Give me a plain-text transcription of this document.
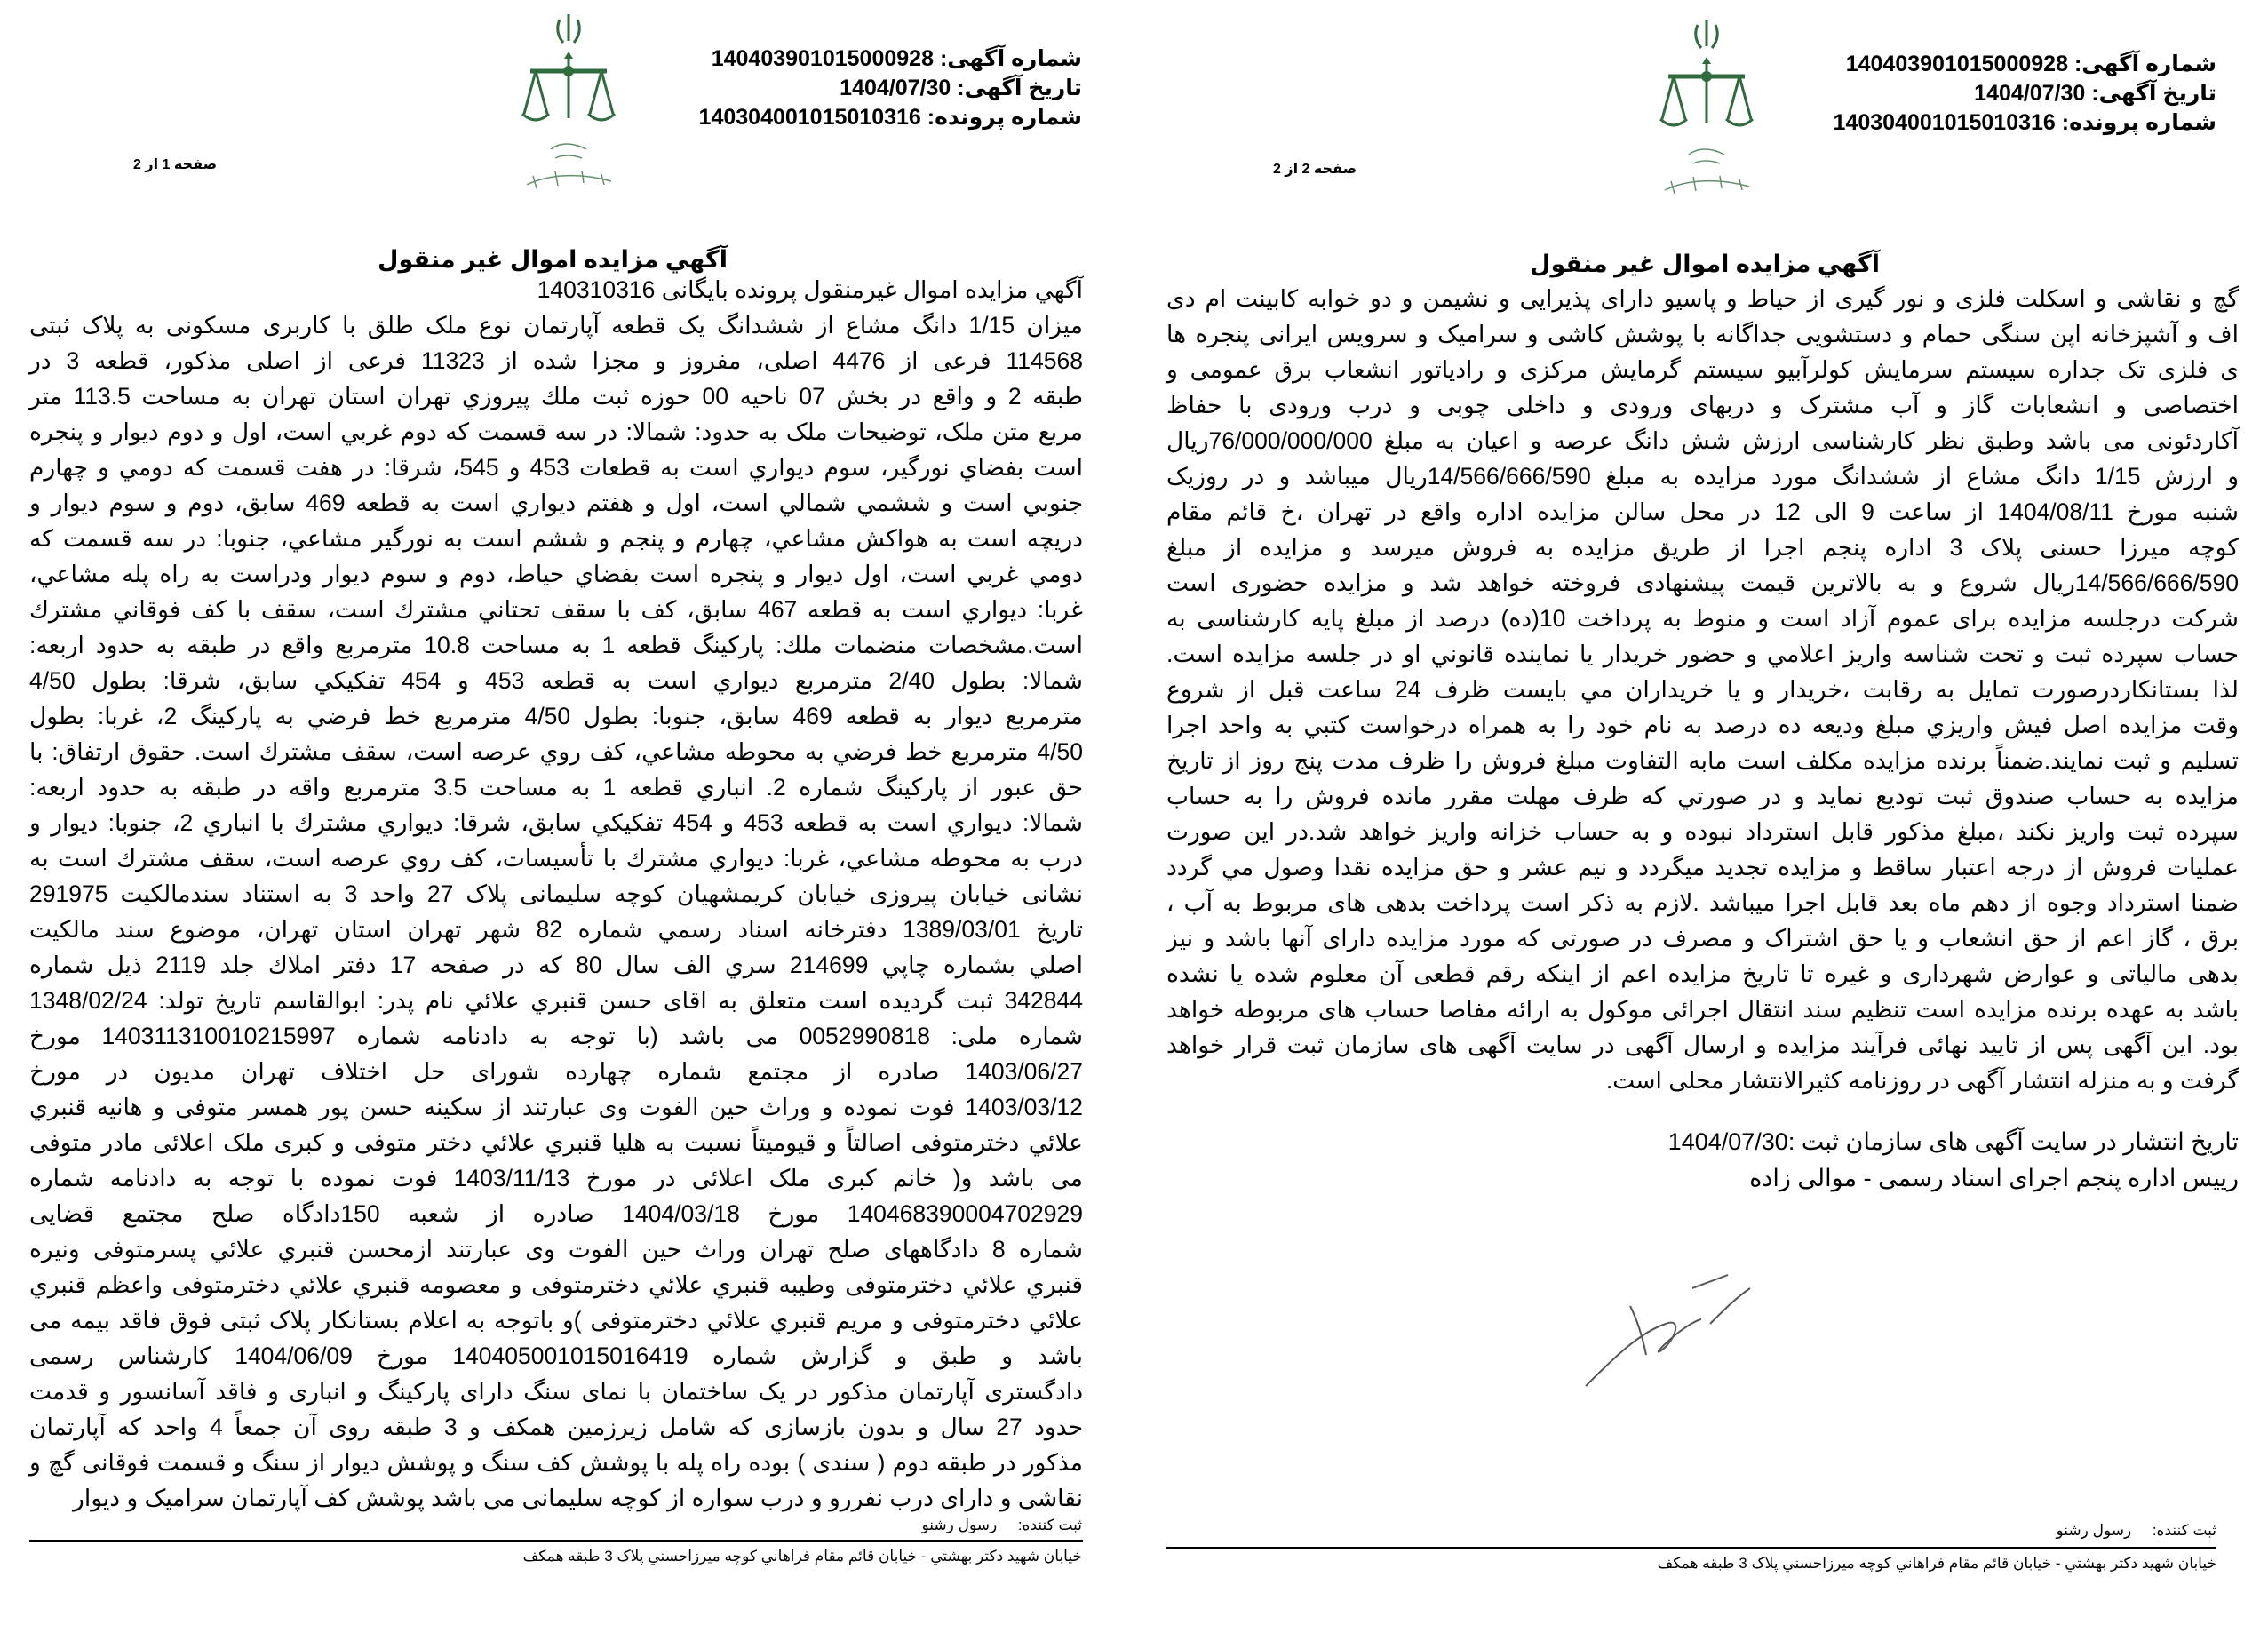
شماره آگهی: 140403901015000928
تاریخ آگهی: 1404/07/30
شماره پرونده: 140304001015010316
صفحه 1 از 2
آگهي مزايده اموال غير منقول
آگهي مزايده اموال غيرمنقول پرونده بايگانی 140310316
ميزان 1/15 دانگ مشاع از ششدانگ یک قطعه آپارتمان نوع ملک طلق با کاربری مسکونی به پلاک ثبتی
114568 فرعی از 4476 اصلی، مفروز و مجزا شده از 11323 فرعی از اصلی مذکور، قطعه 3 در
طبقه 2 و واقع در بخش 07 ناحيه 00 حوزه ثبت ملك پيروزي تهران استان تهران به مساحت 113.5 متر
مربع متن ملک، توضیحات ملک به حدود: شمالا: در سه قسمت كه دوم غربي است، اول و دوم ديوار و پنجره
است بفضاي نورگير، سوم ديواري است به قطعات 453 و 545، شرقا: در هفت قسمت كه دومي و چهارم
جنوبي است و ششمي شمالي است، اول و هفتم ديواري است به قطعه 469 سابق، دوم و سوم ديوار و
دريچه است به هواكش مشاعي، چهارم و پنجم و ششم است به نورگير مشاعي، جنوبا: در سه قسمت كه
دومي غربي است، اول ديوار و پنجره است بفضاي حياط، دوم و سوم ديوار ودراست به راه پله مشاعي،
غربا: ديواري است به قطعه 467 سابق، كف با سقف تحتاني مشترك است، سقف با كف فوقاني مشترك
است.مشخصات منضمات ملك: پاركينگ قطعه 1 به مساحت 10.8 مترمربع واقع در طبقه به حدود اربعه:
شمالا: بطول 2/40 مترمربع ديواري است به قطعه 453 و 454 تفكيكي سابق، شرقا: بطول 4/50
مترمربع ديوار به قطعه 469 سابق، جنوبا: بطول 4/50 مترمربع خط فرضي به پاركينگ 2، غربا: بطول
4/50 مترمربع خط فرضي به محوطه مشاعي، كف روي عرصه است، سقف مشترك است. حقوق ارتفاق: با
حق عبور از پاركينگ شماره 2. انباري قطعه 1 به مساحت 3.5 مترمربع واقه در طبقه به حدود اربعه:
شمالا: ديواري است به قطعه 453 و 454 تفكيكي سابق، شرقا: ديواري مشترك با انباري 2، جنوبا: ديوار و
درب به محوطه مشاعي، غربا: ديواري مشترك با تأسيسات، كف روي عرصه است، سقف مشترك است به
نشانی خیابان پیروزی خیابان کریمشهیان کوچه سلیمانی پلاک 27 واحد 3 به استناد سندمالكيت 291975
تاريخ 1389/03/01 دفترخانه اسناد رسمي شماره 82 شهر تهران استان تهران، موضوع سند مالكيت
اصلي بشماره چاپي 214699 سري الف سال 80 كه در صفحه 17 دفتر املاك جلد 2119 ذيل شماره
342844 ثبت گرديده است متعلق به اقاى حسن قنبري علائي نام پدر: ابوالقاسم تاريخ تولد: 1348/02/24
شماره ملی: 0052990818 می باشد (با توجه به دادنامه شماره 140311310010215997 مورخ
1403/06/27 صادره از مجتمع شماره چهارده شورای حل اختلاف تهران مدیون در مورخ
1403/03/12 فوت نموده و وراث حین الفوت وی عبارتند از سکینه حسن پور همسر متوفی و هانیه قنبري
علائي دخترمتوفی اصالتاً و قیومیتاً نسبت به هلیا قنبري علائي دختر متوفی و کبری ملک اعلائی مادر متوفی
می باشد و( خانم کبری ملک اعلائی در مورخ 1403/11/13 فوت نموده با توجه به دادنامه شماره
140468390004702929 مورخ 1404/03/18 صادره از شعبه 150دادگاه صلح مجتمع قضایی
شماره 8 دادگاههای صلح تهران وراث حین الفوت وی عبارتند ازمحسن قنبري علائي پسرمتوفی ونیره
قنبري علائي دخترمتوفی وطیبه قنبري علائي دخترمتوفی و معصومه قنبري علائي دخترمتوفی واعظم قنبري
علائي دخترمتوفی و مریم قنبري علائي دخترمتوفی )و باتوجه به اعلام بستانکار پلاک ثبتی فوق فاقد بیمه می
باشد و طبق و گزارش شماره 140405001015016419 مورخ 1404/06/09 کارشناس رسمی
دادگستری آپارتمان مذکور در یک ساختمان با نمای سنگ دارای پارکینگ و انباری و فاقد آسانسور و قدمت
حدود 27 سال و بدون بازسازی که شامل زیرزمین همکف و 3 طبقه روی آن جمعاً 4 واحد که آپارتمان
مذکور در طبقه دوم ( سندی ) بوده راه پله با پوشش کف سنگ و پوشش دیوار از سنگ و قسمت فوقانی گچ و
نقاشی و دارای درب نفررو و درب سواره از کوچه سلیمانی می باشد پوشش کف آپارتمان سرامیک و دیوار
ثبت کننده:     رسول رشنو
خيابان شهيد دكتر بهشتي - خيابان قائم مقام فراهاني كوچه ميرزاحسني پلاک 3 طبقه همكف
شماره آگهی: 140403901015000928
تاریخ آگهی: 1404/07/30
شماره پرونده: 140304001015010316
صفحه 2 از 2
آگهي مزايده اموال غير منقول
گچ و نقاشی و اسکلت فلزی و نور گیری از حیاط و پاسیو دارای پذیرایی و نشیمن و دو خوابه کابینت ام دی
اف و آشپزخانه اپن سنگی حمام و دستشویی جداگانه با پوشش کاشی و سرامیک و سرویس ایرانی پنجره ها
ی فلزی تک جداره سیستم سرمایش کولرآبیو سیستم گرمایش مرکزی و رادیاتور انشعاب برق عمومی و
اختصاصی و انشعابات گاز و آب مشترک و دربهای ورودی و داخلی چوبی و درب ورودی با حفاظ
آکاردئونی می باشد وطبق نظر کارشناسی ارزش شش دانگ عرصه و اعیان به مبلغ 76/000/000/000ریال
و ارزش 1/15 دانگ مشاع از ششدانگ مورد مزایده به مبلغ 14/566/666/590ریال میباشد و در روزیک
شنبه مورخ 1404/08/11 از ساعت 9 الی 12 در محل سالن مزایده اداره واقع در تهران ،خ قائم مقام
کوچه میرزا حسنی پلاک 3 اداره پنجم اجرا از طریق مزایده به فروش میرسد و مزایده از مبلغ
14/566/666/590ریال شروع و به بالاترین قیمت پیشنهادی فروخته خواهد شد و مزایده حضوری است
شرکت درجلسه مزایده برای عموم آزاد است و منوط به پرداخت 10(ده) درصد از مبلغ پایه کارشناسی به
حساب سپرده ثبت و تحت شناسه واريز اعلامي و حضور خريدار يا نماينده قانوني او در جلسه مزايده است.
لذا بستانكاردرصورت تمايل به رقابت ،خريدار و يا خريداران مي بايست ظرف 24 ساعت قبل از شروع
وقت مزايده اصل فيش واريزي مبلغ وديعه ده درصد به نام خود را به همراه درخواست كتبي به واحد اجرا
تسليم و ثبت نمايند.ضمناً برنده مزايده مكلف است مابه التفاوت مبلغ فروش را ظرف مدت پنج روز از تاريخ
مزايده به حساب صندوق ثبت توديع نمايد و در صورتي كه ظرف مهلت مقرر مانده فروش را به حساب
سپرده ثبت واريز نكند ،مبلغ مذكور قابل استرداد نبوده و به حساب خزانه واريز خواهد شد.در اين صورت
عمليات فروش از درجه اعتبار ساقط و مزايده تجديد ميگردد و نيم عشر و حق مزايده نقدا وصول مي گردد
ضمنا استرداد وجوه از دهم ماه بعد قابل اجرا میباشد .لازم به ذکر است پرداخت بدهی های مربوط به آب ،
برق ، گاز اعم از حق انشعاب و يا حق اشتراک و مصرف در صورتی که مورد مزايده دارای آنها باشد و نيز
بدهی مالیاتی و عوارض شهرداری و غيره تا تاريخ مزايده اعم از اينکه رقم قطعی آن معلوم شده يا نشده
باشد به عهده برنده مزايده است تنظيم سند انتقال اجرائی موکول به ارائه مفاصا حساب های مربوطه خواهد
بود. اين آگهی پس از تاييد نهائی فرآيند مزايده و ارسال آگهی در سایت آگهی های سازمان ثبت قرار خواهد
گرفت و به منزله انتشار آگهی در روزنامه کثيرالانتشار محلی است.
تاريخ انتشار در سایت آگهی های سازمان ثبت :1404/07/30
رييس اداره پنجم اجرای اسناد رسمی - موالی زاده
ثبت کننده:     رسول رشنو
خيابان شهيد دكتر بهشتي - خيابان قائم مقام فراهاني كوچه ميرزاحسني پلاک 3 طبقه همكف
